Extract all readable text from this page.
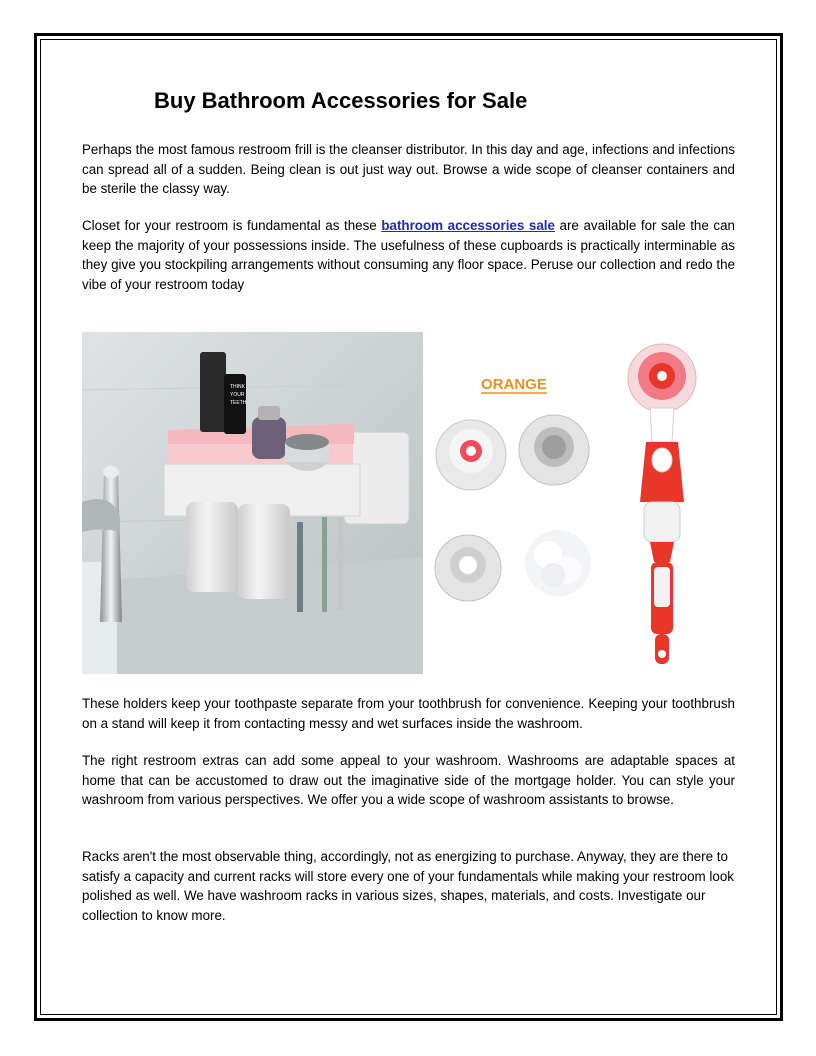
Buy Bathroom Accessories for Sale

Perhaps the most famous restroom frill is the cleanser distributor. In this day and age, infections and infections can spread all of a sudden. Being clean is out just way out. Browse a wide scope of cleanser containers and be sterile the classy way.

Closet for your restroom is fundamental as these bathroom accessories sale are available for sale the can keep the majority of your possessions inside. The usefulness of these cupboards is practically interminable as they give you stockpiling arrangements without consuming any floor space. Peruse our collection and redo the vibe of your restroom today

THINK
YOUR
TEETH
ORANGE

These holders keep your toothpaste separate from your toothbrush for convenience. Keeping your toothbrush on a stand will keep it from contacting messy and wet surfaces inside the washroom.

The right restroom extras can add some appeal to your washroom. Washrooms are adaptable spaces at home that can be accustomed to draw out the imaginative side of the mortgage holder. You can style your washroom from various perspectives. We offer you a wide scope of washroom assistants to browse.

Racks aren't the most observable thing, accordingly, not as energizing to purchase. Anyway, they are there to satisfy a capacity and current racks will store every one of your fundamentals while making your restroom look polished as well. We have washroom racks in various sizes, shapes, materials, and costs. Investigate our collection to know more.
